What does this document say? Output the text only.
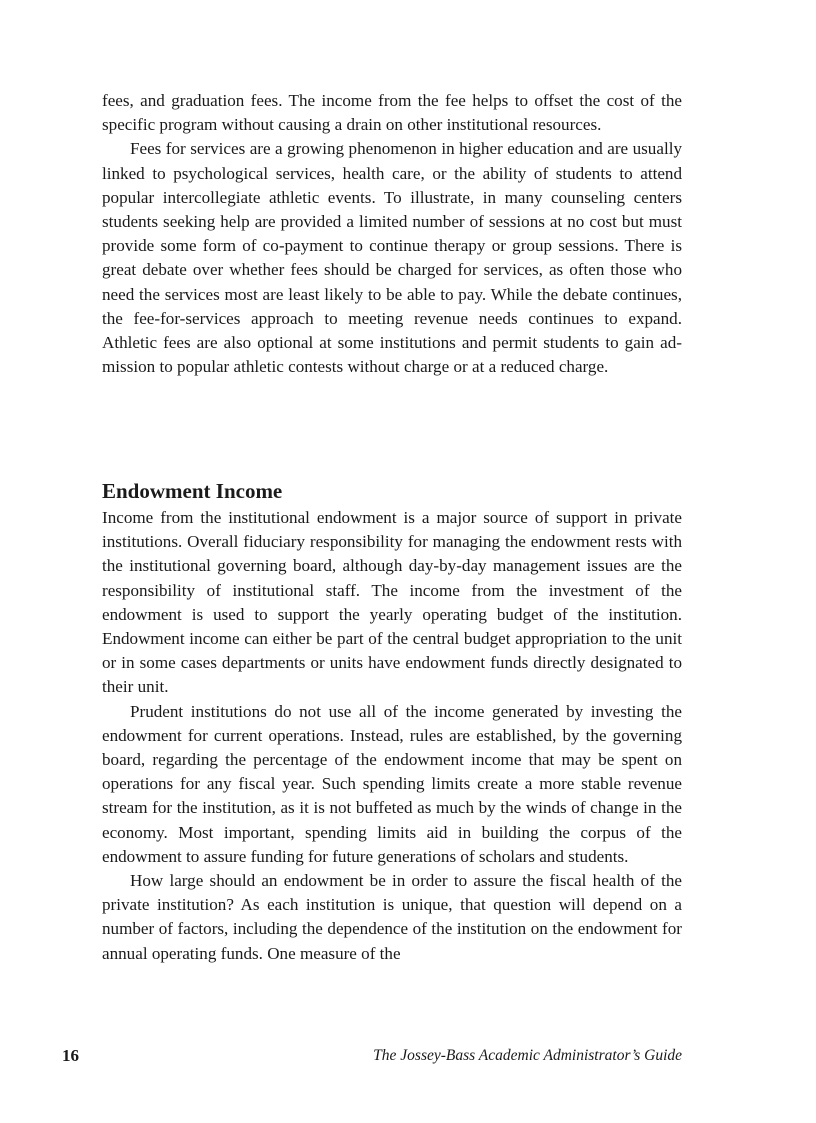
fees, and graduation fees. The income from the fee helps to offset the cost of the specific program without causing a drain on other institutional resources.

Fees for services are a growing phenomenon in higher education and are usually linked to psychological services, health care, or the ability of students to attend popular intercollegiate athletic events. To illustrate, in many counseling centers students seeking help are provided a limited number of sessions at no cost but must provide some form of co-payment to continue therapy or group sessions. There is great debate over whether fees should be charged for services, as often those who need the services most are least likely to be able to pay. While the debate continues, the fee-for-services approach to meeting revenue needs continues to expand. Athletic fees are also optional at some institutions and permit students to gain admission to popular athletic contests without charge or at a reduced charge.

Endowment Income

Income from the institutional endowment is a major source of support in private institutions. Overall fiduciary responsibility for managing the endowment rests with the institutional governing board, although day-by-day management issues are the responsibility of institutional staff. The income from the investment of the endowment is used to support the yearly operating budget of the institution. Endowment income can either be part of the central budget appropriation to the unit or in some cases departments or units have endowment funds directly designated to their unit.

Prudent institutions do not use all of the income generated by investing the endowment for current operations. Instead, rules are established, by the governing board, regarding the percentage of the endowment income that may be spent on operations for any fiscal year. Such spending limits create a more stable revenue stream for the institution, as it is not buffeted as much by the winds of change in the economy. Most important, spending limits aid in building the corpus of the endowment to assure funding for future generations of scholars and students.

How large should an endowment be in order to assure the fiscal health of the private institution? As each institution is unique, that question will depend on a number of factors, including the dependence of the institution on the endowment for annual operating funds. One measure of the

16	The Jossey-Bass Academic Administrator’s Guide
